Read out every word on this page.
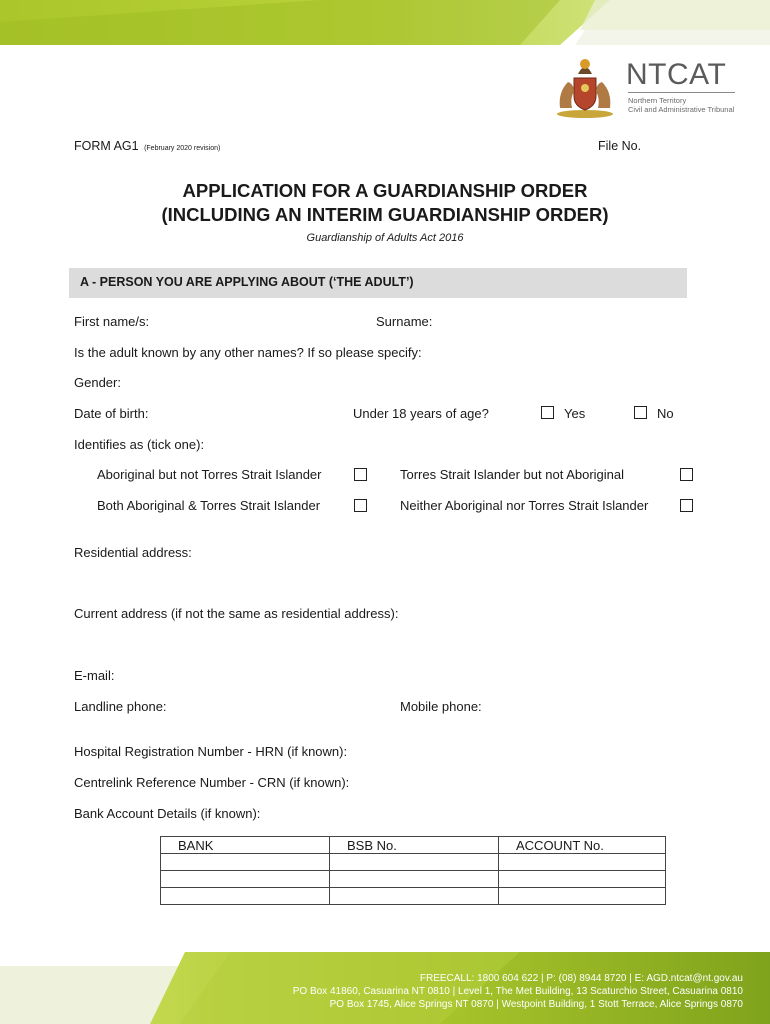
NTCAT
Northern Territory
Civil and Administrative Tribunal
FORM AG1 (February 2020 revision)	File No.
APPLICATION FOR A GUARDIANSHIP ORDER
(INCLUDING AN INTERIM GUARDIANSHIP ORDER)
Guardianship of Adults Act 2016
A - PERSON YOU ARE APPLYING ABOUT (‘THE ADULT’)
First name/s:	Surname:
Is the adult known by any other names? If so please specify:
Gender:
Date of birth:	Under 18 years of age?	Yes	No
Identifies as (tick one):
Aboriginal but not Torres Strait Islander	Torres Strait Islander but not Aboriginal
Both Aboriginal & Torres Strait Islander	Neither Aboriginal nor Torres Strait Islander
Residential address:
Current address (if not the same as residential address):
E-mail:
Landline phone:	Mobile phone:
Hospital Registration Number - HRN (if known):
Centrelink Reference Number - CRN (if known):
Bank Account Details (if known):
BANK	BSB No.	ACCOUNT No.

FREECALL: 1800 604 622 | P: (08) 8944 8720 | E: AGD.ntcat@nt.gov.au
PO Box 41860, Casuarina NT 0810 | Level 1, The Met Building, 13 Scaturchio Street, Casuarina 0810
PO Box 1745, Alice Springs NT 0870 | Westpoint Building, 1 Stott Terrace, Alice Springs 0870
